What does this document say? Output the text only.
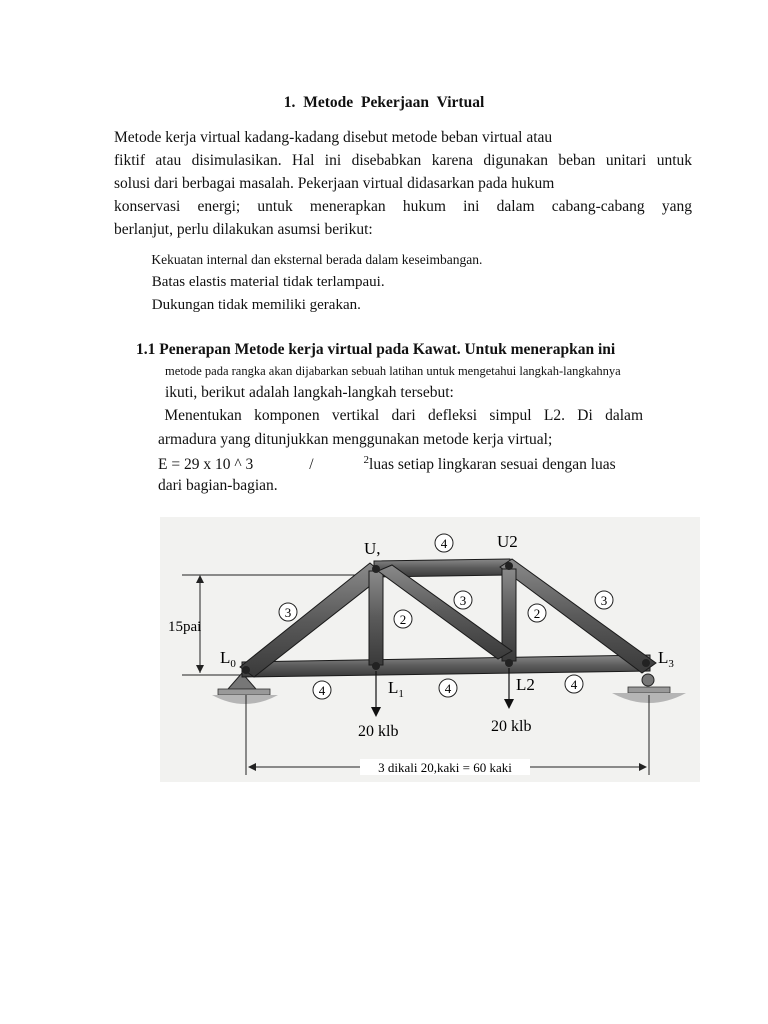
1. Metode Pekerjaan Virtual
Metode kerja virtual kadang-kadang disebut metode beban virtual atau
fiktif atau disimulasikan. Hal ini disebabkan karena digunakan beban unitari untuk
solusi dari berbagai masalah. Pekerjaan virtual didasarkan pada hukum
konservasi energi; untuk menerapkan hukum ini dalam cabang-cabang yang
berlanjut, perlu dilakukan asumsi berikut:
Kekuatan internal dan eksternal berada dalam keseimbangan.
Batas elastis material tidak terlampaui.
Dukungan tidak memiliki gerakan.
1.1 Penerapan Metode kerja virtual pada Kawat. Untuk menerapkan ini
metode pada rangka akan dijabarkan sebuah latihan untuk mengetahui langkah-langkahnya
ikuti, berikut adalah langkah-langkah tersebut:
Menentukan komponen vertikal dari defleksi simpul L2. Di dalam
armadura yang ditunjukkan menggunakan metode kerja virtual;
E = 29 x 10 ^ 3	/	$^2$luas setiap lingkaran sesuai dengan luas
dari bagian-bagian.
15pai
4
3	2
3
2
3
4	4	4
U,	U2
$L_0$
$L_1$	L2
$L_3$
20 klb	20 klb
3 dikali 20,kaki = 60 kaki
